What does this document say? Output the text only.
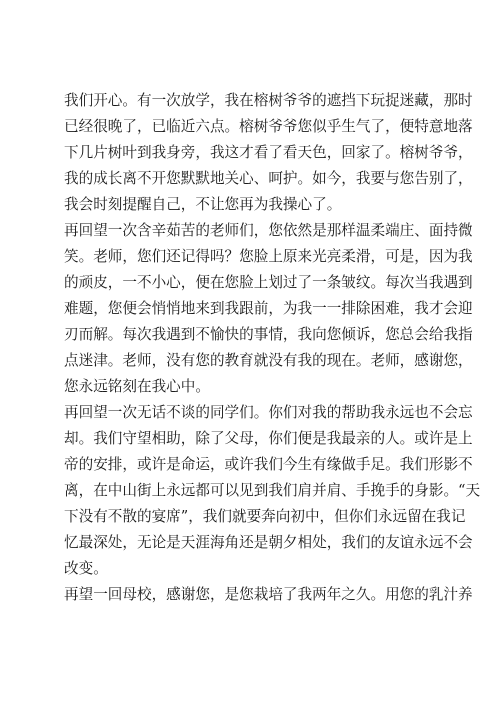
我们开心。有一次放学，我在榕树爷爷的遮挡下玩捉迷藏，那时
已经很晚了，已临近六点。榕树爷爷您似乎生气了，便特意地落
下几片树叶到我身旁，我这才看了看天色，回家了。榕树爷爷，
我的成长离不开您默默地关心、呵护。如今，我要与您告别了，
我会时刻提醒自己，不让您再为我操心了。
再回望一次含辛茹苦的老师们，您依然是那样温柔端庄、面持微
笑。老师，您们还记得吗？您脸上原来光亮柔滑，可是，因为我
的顽皮，一不小心，便在您脸上划过了一条皱纹。每次当我遇到
难题，您便会悄悄地来到我跟前，为我一一排除困难，我才会迎
刃而解。每次我遇到不愉快的事情，我向您倾诉，您总会给我指
点迷津。老师，没有您的教育就没有我的现在。老师，感谢您，
您永远铭刻在我心中。
再回望一次无话不谈的同学们。你们对我的帮助我永远也不会忘
却。我们守望相助，除了父母，你们便是我最亲的人。或许是上
帝的安排，或许是命运，或许我们今生有缘做手足。我们形影不
离，在中山街上永远都可以见到我们肩并肩、手挽手的身影。“天
下没有不散的宴席”，我们就要奔向初中，但你们永远留在我记
忆最深处，无论是天涯海角还是朝夕相处，我们的友谊永远不会
改变。
再望一回母校，感谢您，是您栽培了我两年之久。用您的乳汁养
